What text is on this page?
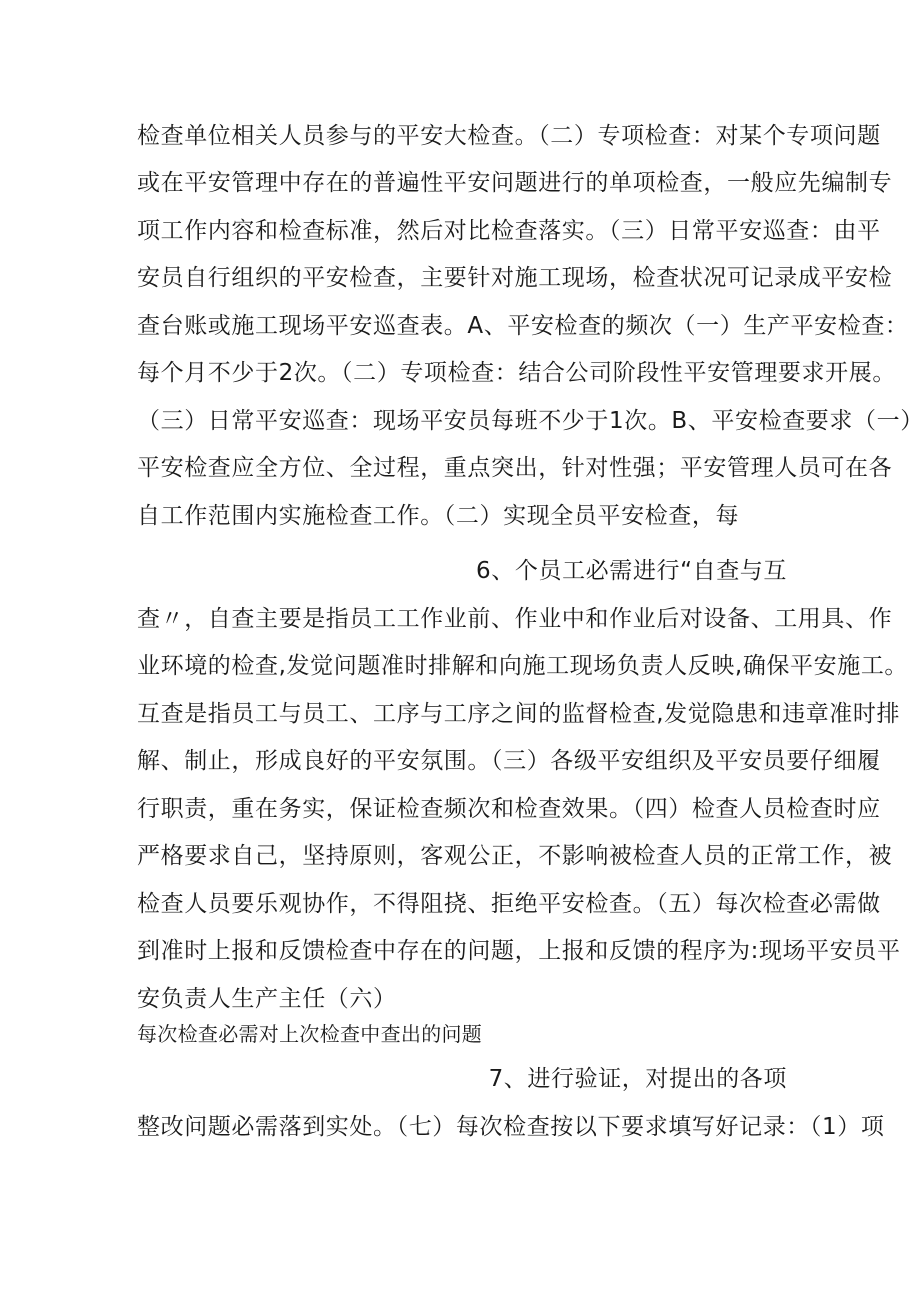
检查单位相关人员参与的平安大检查。（二）专项检查：对某个专项问题
或在平安管理中存在的普遍性平安问题进行的单项检查，一般应先编制专
项工作内容和检查标准，然后对比检查落实。（三）日常平安巡查：由平
安员自行组织的平安检查，主要针对施工现场，检查状况可记录成平安检
查台账或施工现场平安巡查表。A、平安检查的频次（一）生产平安检查：
每个月不少于2次。（二）专项检查：结合公司阶段性平安管理要求开展。
（三）日常平安巡查：现场平安员每班不少于1次。B、平安检查要求（一）
平安检查应全方位、全过程，重点突出，针对性强；平安管理人员可在各
自工作范围内实施检查工作。（二）实现全员平安检查，每
6、个员工必需进行“自查与互
查〃，自查主要是指员工工作业前、作业中和作业后对设备、工用具、作
业环境的检查,发觉问题准时排解和向施工现场负责人反映,确保平安施工。
互查是指员工与员工、工序与工序之间的监督检查,发觉隐患和违章准时排
解、制止，形成良好的平安氛围。（三）各级平安组织及平安员要仔细履
行职责，重在务实，保证检查频次和检查效果。（四）检查人员检查时应
严格要求自己，坚持原则，客观公正，不影响被检查人员的正常工作，被
检查人员要乐观协作，不得阻挠、拒绝平安检查。（五）每次检查必需做
到准时上报和反馈检查中存在的问题，上报和反馈的程序为:现场平安员平
安负责人生产主任（六）
每次检查必需对上次检查中查出的问题
7、进行验证，对提出的各项
整改问题必需落到实处。（七）每次检查按以下要求填写好记录：（1）项
